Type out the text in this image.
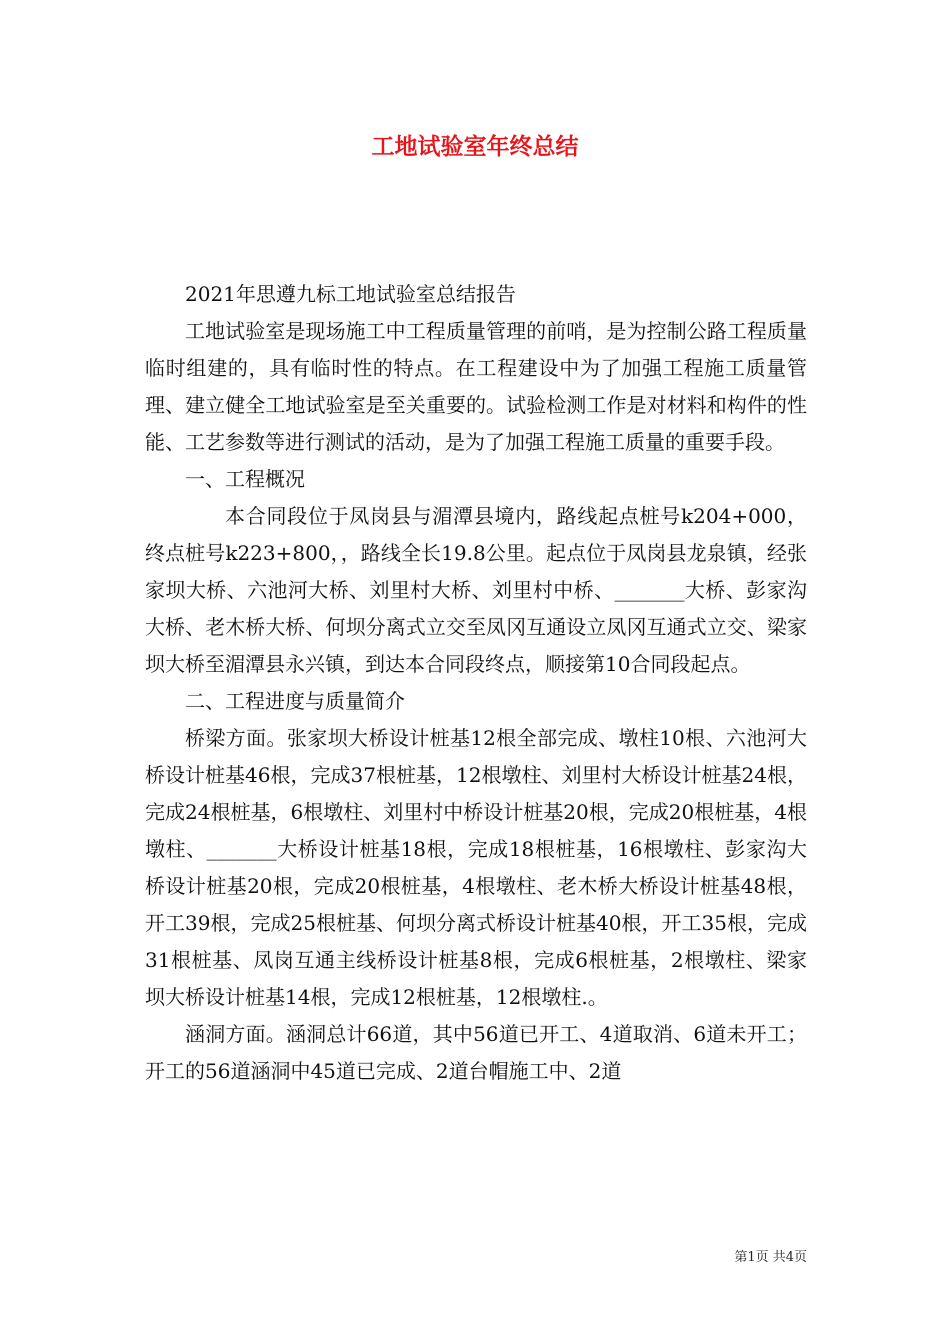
工地试验室年终总结

2021年思遵九标工地试验室总结报告

工地试验室是现场施工中工程质量管理的前哨，是为控制公路工程质量临时组建的，具有临时性的特点。在工程建设中为了加强工程施工质量管理、建立健全工地试验室是至关重要的。试验检测工作是对材料和构件的性能、工艺参数等进行测试的活动，是为了加强工程施工质量的重要手段。

一、工程概况

本合同段位于凤岗县与湄潭县境内，路线起点桩号k204+000，终点桩号k223+800，，路线全长19.8公里。起点位于凤岗县龙泉镇，经张家坝大桥、六池河大桥、刘里村大桥、刘里村中桥、_______大桥、彭家沟大桥、老木桥大桥、何坝分离式立交至凤冈互通设立凤冈互通式立交、梁家坝大桥至湄潭县永兴镇，到达本合同段终点，顺接第10合同段起点。

二、工程进度与质量简介

桥梁方面。张家坝大桥设计桩基12根全部完成、墩柱10根、六池河大桥设计桩基46根，完成37根桩基，12根墩柱、刘里村大桥设计桩基24根，完成24根桩基，6根墩柱、刘里村中桥设计桩基20根，完成20根桩基，4根墩柱、_______大桥设计桩基18根，完成18根桩基，16根墩柱、彭家沟大桥设计桩基20根，完成20根桩基，4根墩柱、老木桥大桥设计桩基48根，开工39根，完成25根桩基、何坝分离式桥设计桩基40根，开工35根，完成31根桩基、凤岗互通主线桥设计桩基8根，完成6根桩基，2根墩柱、梁家坝大桥设计桩基14根，完成12根桩基，12根墩柱.。

涵洞方面。涵洞总计66道，其中56道已开工、4道取消、6道未开工；开工的56道涵洞中45道已完成、2道台帽施工中、2道

第1页 共4页
